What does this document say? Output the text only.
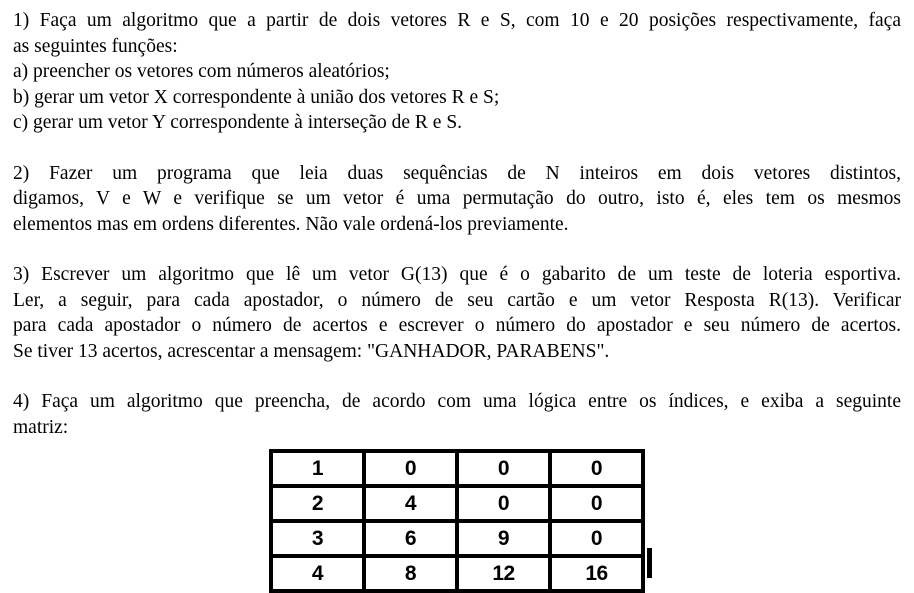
1) Faça um algoritmo que a partir de dois vetores R e S, com 10 e 20 posições respectivamente, faça
as seguintes funções:
a) preencher os vetores com números aleatórios;
b) gerar um vetor X correspondente à união dos vetores R e S;
c) gerar um vetor Y correspondente à interseção de R e S.
2) Fazer um programa que leia duas sequências de N inteiros em dois vetores distintos,
digamos, V e W e verifique se um vetor é uma permutação do outro, isto é, eles tem os mesmos
elementos mas em ordens diferentes. Não vale ordená-los previamente.
3) Escrever um algoritmo que lê um vetor G(13) que é o gabarito de um teste de loteria esportiva.
Ler, a seguir, para cada apostador, o número de seu cartão e um vetor Resposta R(13). Verificar
para cada apostador o número de acertos e escrever o número do apostador e seu número de acertos.
Se tiver 13 acertos, acrescentar a mensagem: "GANHADOR, PARABENS".
4) Faça um algoritmo que preencha, de acordo com uma lógica entre os índices, e exiba a seguinte
matriz:
1	0	0	0
2	4	0	0
3	6	9	0
4	8	12	16
